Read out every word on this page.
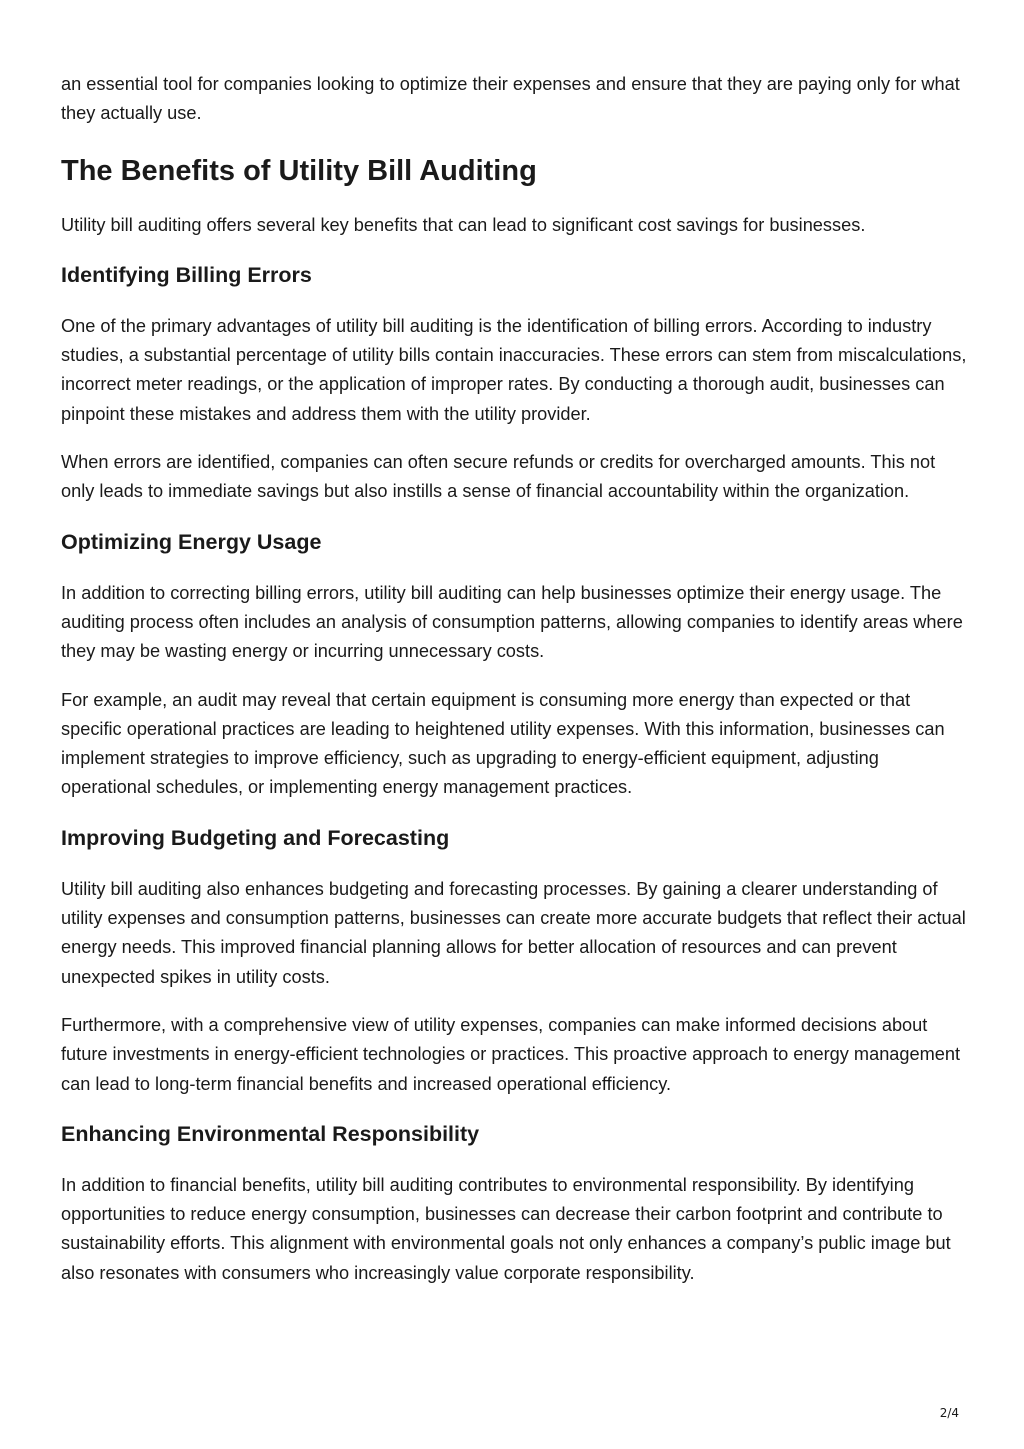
an essential tool for companies looking to optimize their expenses and ensure that they are paying only for what they actually use.

The Benefits of Utility Bill Auditing

Utility bill auditing offers several key benefits that can lead to significant cost savings for businesses.

Identifying Billing Errors

One of the primary advantages of utility bill auditing is the identification of billing errors. According to industry studies, a substantial percentage of utility bills contain inaccuracies. These errors can stem from miscalculations, incorrect meter readings, or the application of improper rates. By conducting a thorough audit, businesses can pinpoint these mistakes and address them with the utility provider.

When errors are identified, companies can often secure refunds or credits for overcharged amounts. This not only leads to immediate savings but also instills a sense of financial accountability within the organization.

Optimizing Energy Usage

In addition to correcting billing errors, utility bill auditing can help businesses optimize their energy usage. The auditing process often includes an analysis of consumption patterns, allowing companies to identify areas where they may be wasting energy or incurring unnecessary costs.

For example, an audit may reveal that certain equipment is consuming more energy than expected or that specific operational practices are leading to heightened utility expenses. With this information, businesses can implement strategies to improve efficiency, such as upgrading to energy-efficient equipment, adjusting operational schedules, or implementing energy management practices.

Improving Budgeting and Forecasting

Utility bill auditing also enhances budgeting and forecasting processes. By gaining a clearer understanding of utility expenses and consumption patterns, businesses can create more accurate budgets that reflect their actual energy needs. This improved financial planning allows for better allocation of resources and can prevent unexpected spikes in utility costs.

Furthermore, with a comprehensive view of utility expenses, companies can make informed decisions about future investments in energy-efficient technologies or practices. This proactive approach to energy management can lead to long-term financial benefits and increased operational efficiency.

Enhancing Environmental Responsibility

In addition to financial benefits, utility bill auditing contributes to environmental responsibility. By identifying opportunities to reduce energy consumption, businesses can decrease their carbon footprint and contribute to sustainability efforts. This alignment with environmental goals not only enhances a company’s public image but also resonates with consumers who increasingly value corporate responsibility.

2/4
